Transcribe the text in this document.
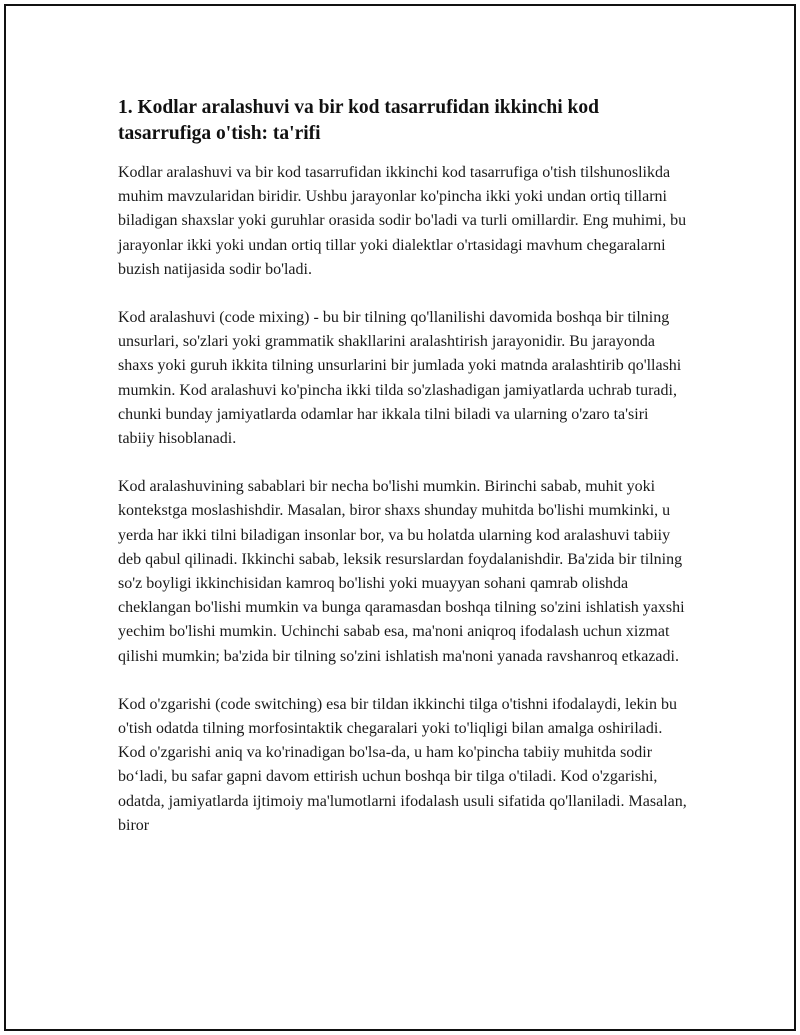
1. Kodlar aralashuvi va bir kod tasarrufidan ikkinchi kod tasarrufiga o'tish: ta'rifi

Kodlar aralashuvi va bir kod tasarrufidan ikkinchi kod tasarrufiga o'tish tilshunoslikda muhim mavzularidan biridir. Ushbu jarayonlar ko'pincha ikki yoki undan ortiq tillarni biladigan shaxslar yoki guruhlar orasida sodir bo'ladi va turli omillardir. Eng muhimi, bu jarayonlar ikki yoki undan ortiq tillar yoki dialektlar o'rtasidagi mavhum chegaralarni buzish natijasida sodir bo'ladi.

Kod aralashuvi (code mixing) - bu bir tilning qo'llanilishi davomida boshqa bir tilning unsurlari, so'zlari yoki grammatik shakllarini aralashtirish jarayonidir. Bu jarayonda shaxs yoki guruh ikkita tilning unsurlarini bir jumlada yoki matnda aralashtirib qo'llashi mumkin. Kod aralashuvi ko'pincha ikki tilda so'zlashadigan jamiyatlarda uchrab turadi, chunki bunday jamiyatlarda odamlar har ikkala tilni biladi va ularning o'zaro ta'siri tabiiy hisoblanadi.

Kod aralashuvining sabablari bir necha bo'lishi mumkin. Birinchi sabab, muhit yoki kontekstga moslashishdir. Masalan, biror shaxs shunday muhitda bo'lishi mumkinki, u yerda har ikki tilni biladigan insonlar bor, va bu holatda ularning kod aralashuvi tabiiy deb qabul qilinadi. Ikkinchi sabab, leksik resurslardan foydalanishdir. Ba'zida bir tilning so'z boyligi ikkinchisidan kamroq bo'lishi yoki muayyan sohani qamrab olishda cheklangan bo'lishi mumkin va bunga qaramasdan boshqa tilning so'zini ishlatish yaxshi yechim bo'lishi mumkin. Uchinchi sabab esa, ma'noni aniqroq ifodalash uchun xizmat qilishi mumkin; ba'zida bir tilning so'zini ishlatish ma'noni yanada ravshanroq etkazadi.

Kod o'zgarishi (code switching) esa bir tildan ikkinchi tilga o'tishni ifodalaydi, lekin bu o'tish odatda tilning morfosintaktik chegaralari yoki to'liqligi bilan amalga oshiriladi. Kod o'zgarishi aniq va ko'rinadigan bo'lsa-da, u ham ko'pincha tabiiy muhitda sodir bo‘ladi, bu safar gapni davom ettirish uchun boshqa bir tilga o'tiladi. Kod o'zgarishi, odatda, jamiyatlarda ijtimoiy ma'lumotlarni ifodalash usuli sifatida qo'llaniladi. Masalan, biror
